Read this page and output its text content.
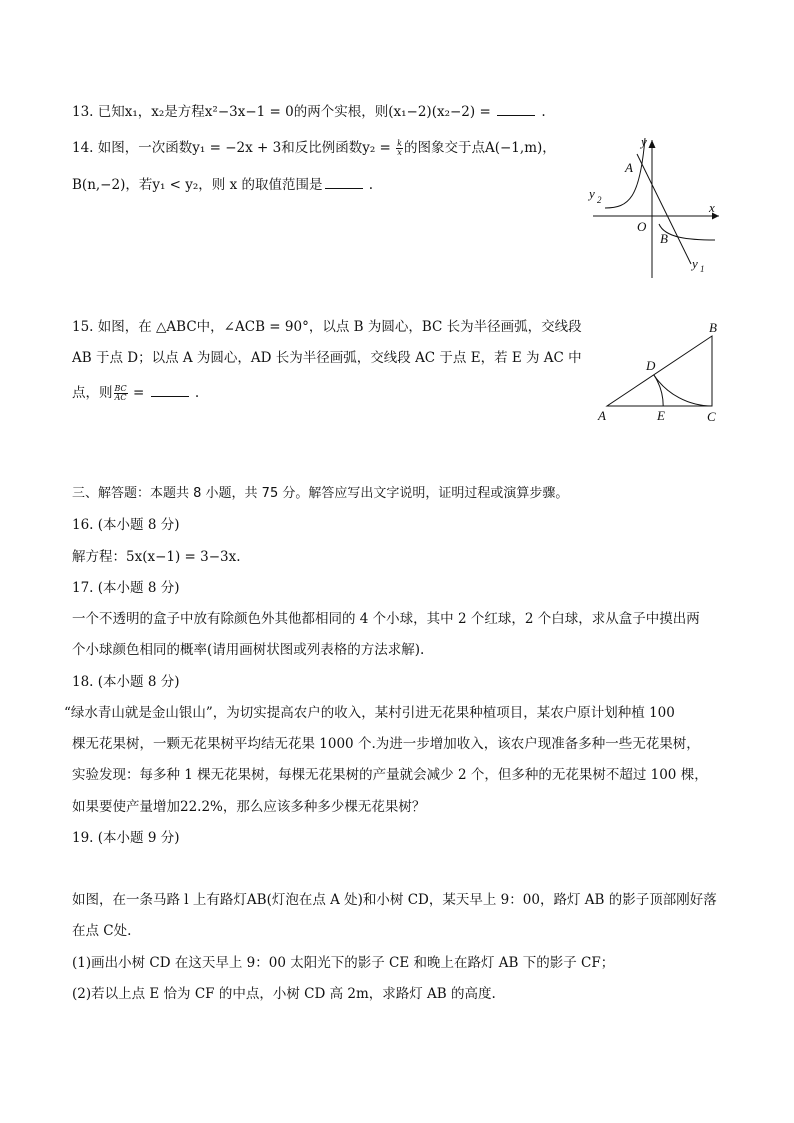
13. 已知x₁，x₂是方程x²−3x−1 = 0的两个实根，则(x₁−2)(x₂−2) =	.
14. 如图，一次函数y₁ = −2x + 3和反比例函数$y_2 = \frac{k}{x}$ 的图象交于点A(−1,m)，
B(n,−2)，若y₁ < y₂，则 x 的取值范围是	.
y
x
O
A
B
y 2
y 1
15. 如图，在 △ABC中，∠ACB = 90°，以点 B 为圆心，BC 长为半径画弧，交线段
AB 于点 D；以点 A 为圆心，AD 长为半径画弧，交线段 AC 于点 E，若 E 为 AC 中
点，则 $\frac{BC}{AC}$ =	.
A
B
C
D
E
三、解答题：本题共 8 小题，共 75 分。解答应写出文字说明，证明过程或演算步骤。
16. (本小题 8 分)
解方程：5x(x−1) = 3−3x.
17. (本小题 8 分)
一个不透明的盒子中放有除颜色外其他都相同的 4 个小球，其中 2 个红球，2 个白球，求从盒子中摸出两
个小球颜色相同的概率(请用画树状图或列表格的方法求解).
18. (本小题 8 分)
“绿水青山就是金山银山”，为切实提高农户的收入，某村引进无花果种植项目，某农户原计划种植 100
棵无花果树，一颗无花果树平均结无花果 1000 个.为进一步增加收入，该农户现准备多种一些无花果树，
实验发现：每多种 1 棵无花果树，每棵无花果树的产量就会减少 2 个，但多种的无花果树不超过 100 棵，
如果要使产量增加22.2%，那么应该多种多少棵无花果树？
19. (本小题 9 分)
如图，在一条马路 l 上有路灯AB(灯泡在点 A 处)和小树 CD，某天早上 9：00，路灯 AB 的影子顶部刚好落
在点 C处.
(1)画出小树 CD 在这天早上 9：00 太阳光下的影子 CE 和晚上在路灯 AB 下的影子 CF；
(2)若以上点 E 恰为 CF 的中点，小树 CD 高 2m，求路灯 AB 的高度.
